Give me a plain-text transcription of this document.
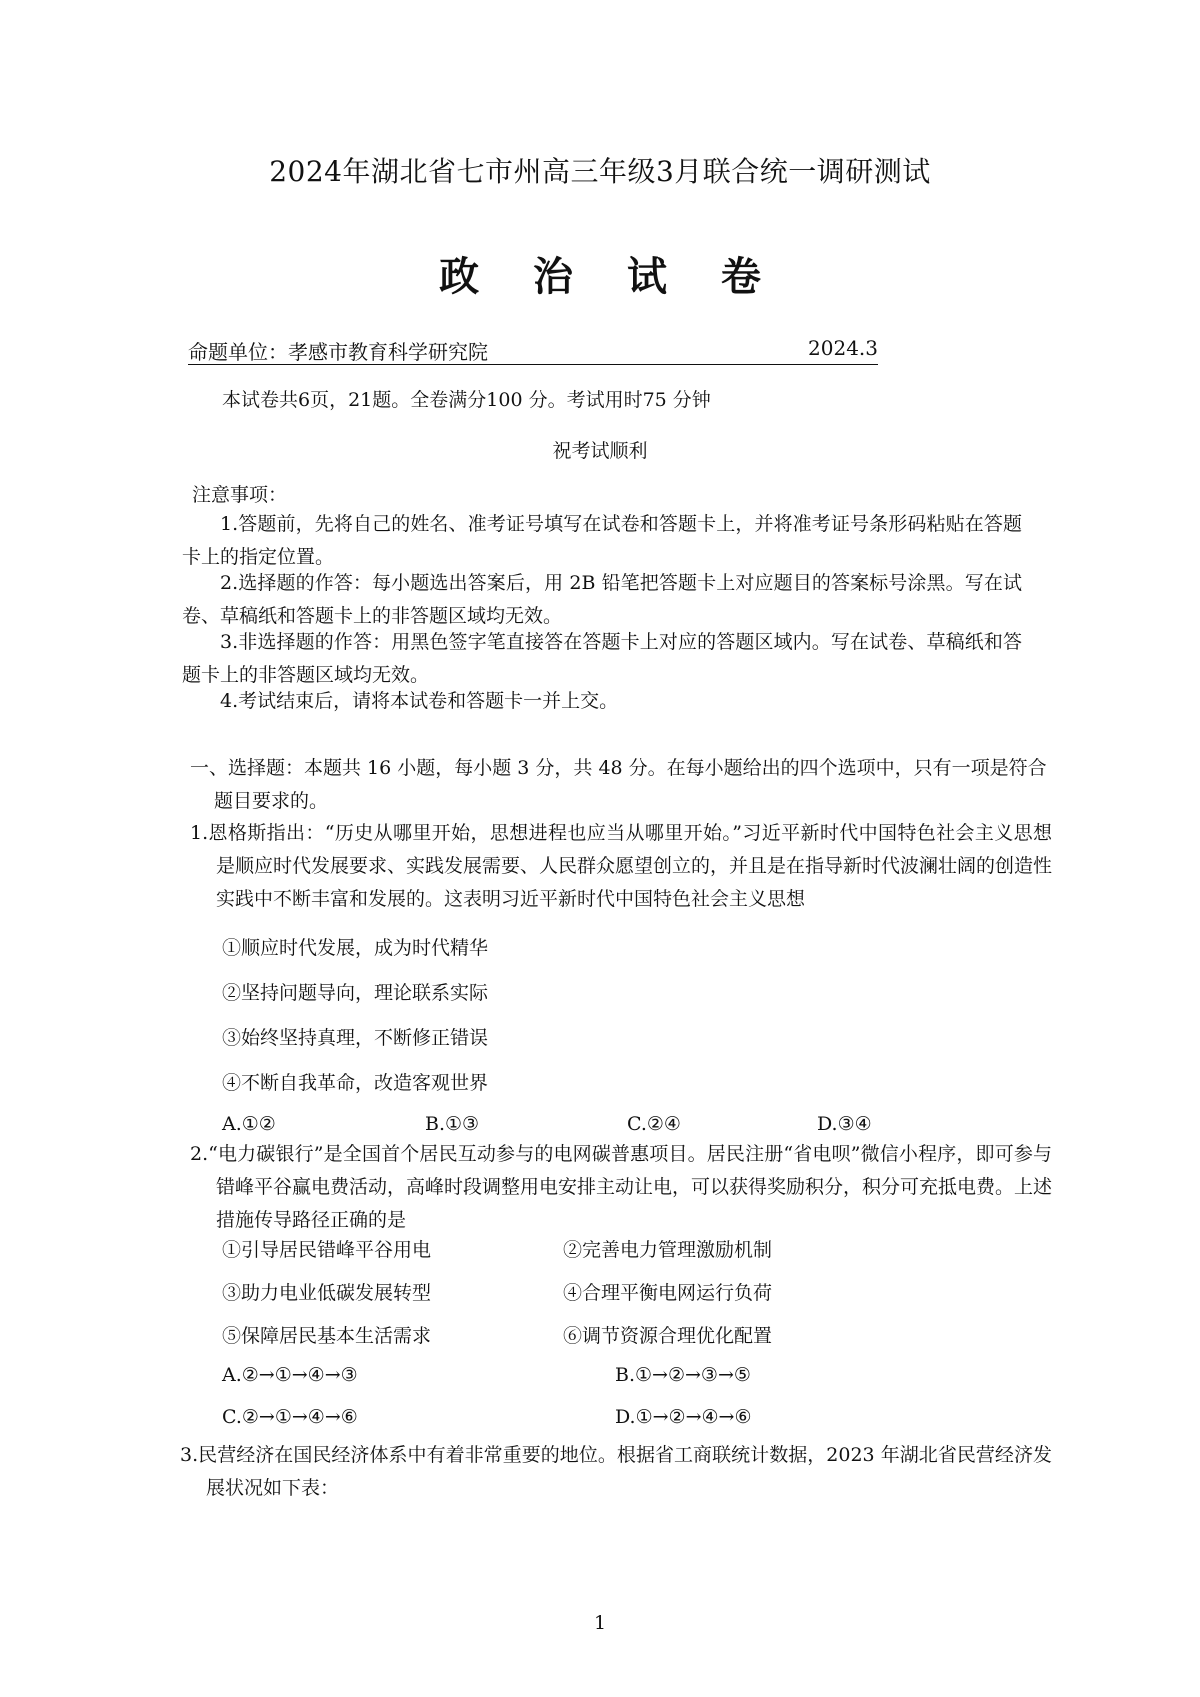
2024年湖北省七市州高三年级3月联合统一调研测试
政 治 试 卷
命题单位：孝感市教育科学研究院	2024.3
本试卷共6页，21题。全卷满分100 分。考试用时75 分钟
祝考试顺利
注意事项：
1.答题前，先将自己的姓名、准考证号填写在试卷和答题卡上，并将准考证号条形码粘贴在答题卡上的指定位置。
2.选择题的作答：每小题选出答案后，用 2B 铅笔把答题卡上对应题目的答案标号涂黑。写在试卷、草稿纸和答题卡上的非答题区域均无效。
3.非选择题的作答：用黑色签字笔直接答在答题卡上对应的答题区域内。写在试卷、草稿纸和答题卡上的非答题区域均无效。
4.考试结束后，请将本试卷和答题卡一并上交。
一、选择题：本题共 16 小题，每小题 3 分，共 48 分。在每小题给出的四个选项中，只有一项是符合题目要求的。
1.恩格斯指出：“历史从哪里开始，思想进程也应当从哪里开始。”习近平新时代中国特色社会主义思想是顺应时代发展要求、实践发展需要、人民群众愿望创立的，并且是在指导新时代波澜壮阔的创造性实践中不断丰富和发展的。这表明习近平新时代中国特色社会主义思想
①顺应时代发展，成为时代精华
②坚持问题导向，理论联系实际
③始终坚持真理，不断修正错误
④不断自我革命，改造客观世界
A.①②	B.①③	C.②④	D.③④
2.“电力碳银行”是全国首个居民互动参与的电网碳普惠项目。居民注册“省电呗”微信小程序，即可参与错峰平谷赢电费活动，高峰时段调整用电安排主动让电，可以获得奖励积分，积分可充抵电费。上述措施传导路径正确的是
①引导居民错峰平谷用电	②完善电力管理激励机制
③助力电业低碳发展转型	④合理平衡电网运行负荷
⑤保障居民基本生活需求	⑥调节资源合理优化配置
A.②→①→④→③	B.①→②→③→⑤
C.②→①→④→⑥	D.①→②→④→⑥
3.民营经济在国民经济体系中有着非常重要的地位。根据省工商联统计数据，2023 年湖北省民营经济发展状况如下表：
1
